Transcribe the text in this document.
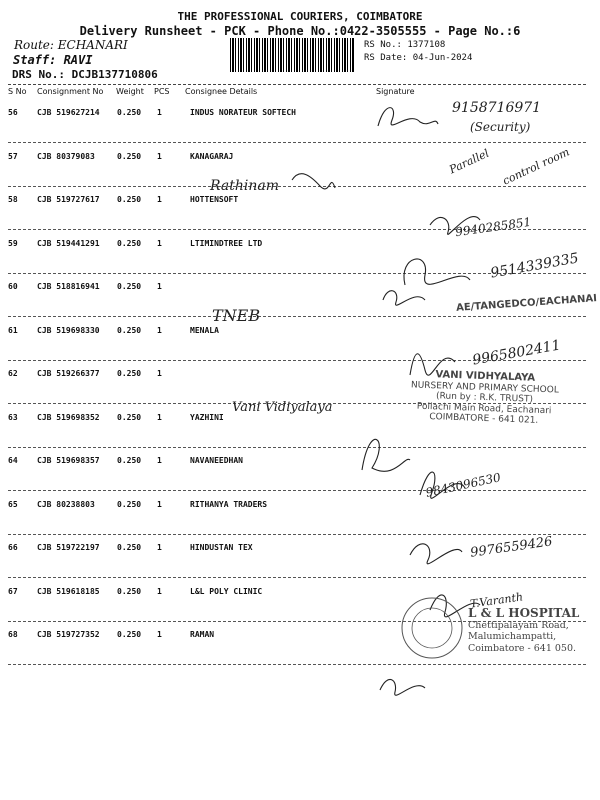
THE PROFESSIONAL COURIERS, COIMBATORE
Delivery Runsheet - PCK - Phone No.:0422-3505555 - Page No.:6
Route: ECHANARI
Staff: RAVI
DRS No.: DCJB137710806
RS No.: 1377108
RS Date: 04-Jun-2024
S No Consignment No Weight PCS Consignee Details	Signature
56 CJB 519627214 0.250 1	INDUS NORATEUR SOFTECH
57 CJB 80379083	0.250 1	KANAGARAJ
58 CJB 519727617 0.250 1	HOTTENSOFT
59 CJB 519441291 0.250 1	LTIMINDTREE LTD
60 CJB 518816941 0.250 1
61 CJB 519698330 0.250 1	MENALA
62 CJB 519266377 0.250 1
63 CJB 519698352 0.250 1	YAZHINI
64 CJB 519698357 0.250 1	NAVANEEDHAN
65 CJB 80238803	0.250 1	RITHANYA TRADERS
66 CJB 519722197 0.250 1	HINDUSTAN TEX
67 CJB 519618185 0.250 1	L&L POLY CLINIC
68 CJB 519727352 0.250 1	RAMAN
9158716971
(Security)
Rathinam
Parallel control room
9940285851
9514339335
TNEB
AE/TANGEDCO/EACHANAI
9965802411
Vani Vidiyalaya
VANI VIDHYALAYA
NURSERY AND PRIMARY SCHOOL
(Run by : R.K. TRUST)
Pollachi Main Road, Eachanari
COIMBATORE - 641 021.
9843096530
9976559426
T.Varanth
L & L HOSPITAL
Chettipalayam Road,
Malumichampatti,
Coimbatore - 641 050.
